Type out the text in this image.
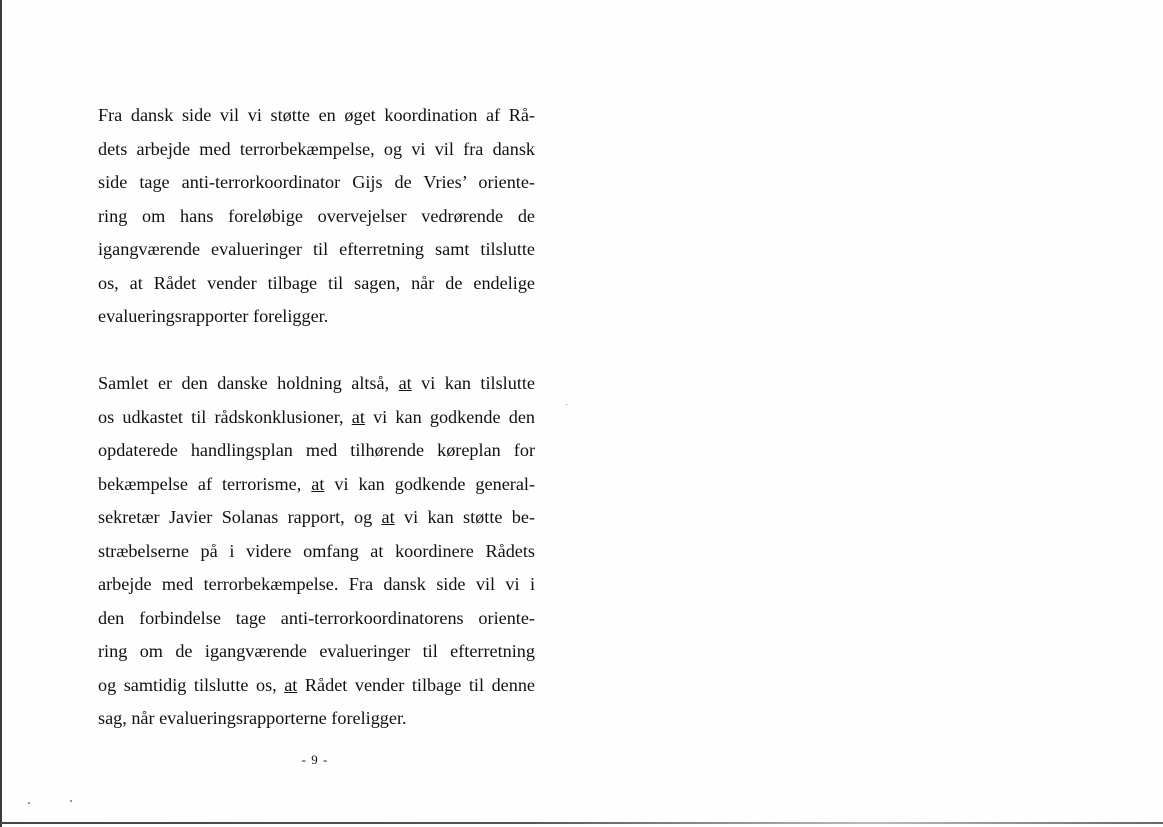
Fra dansk side vil vi støtte en øget koordination af Rå-
dets arbejde med terrorbekæmpelse, og vi vil fra dansk
side tage anti-terrorkoordinator Gijs de Vries’ oriente-
ring om hans foreløbige overvejelser vedrørende de
igangværende evalueringer til efterretning samt tilslutte
os, at Rådet vender tilbage til sagen, når de endelige
evalueringsrapporter foreligger.

Samlet er den danske holdning altså, at vi kan tilslutte
os udkastet til rådskonklusioner, at vi kan godkende den
opdaterede handlingsplan med tilhørende køreplan for
bekæmpelse af terrorisme, at vi kan godkende general-
sekretær Javier Solanas rapport, og at vi kan støtte be-
stræbelserne på i videre omfang at koordinere Rådets
arbejde med terrorbekæmpelse. Fra dansk side vil vi i
den forbindelse tage anti-terrorkoordinatorens oriente-
ring om de igangværende evalueringer til efterretning
og samtidig tilslutte os, at Rådet vender tilbage til denne
sag, når evalueringsrapporterne foreligger.

- 9 -
